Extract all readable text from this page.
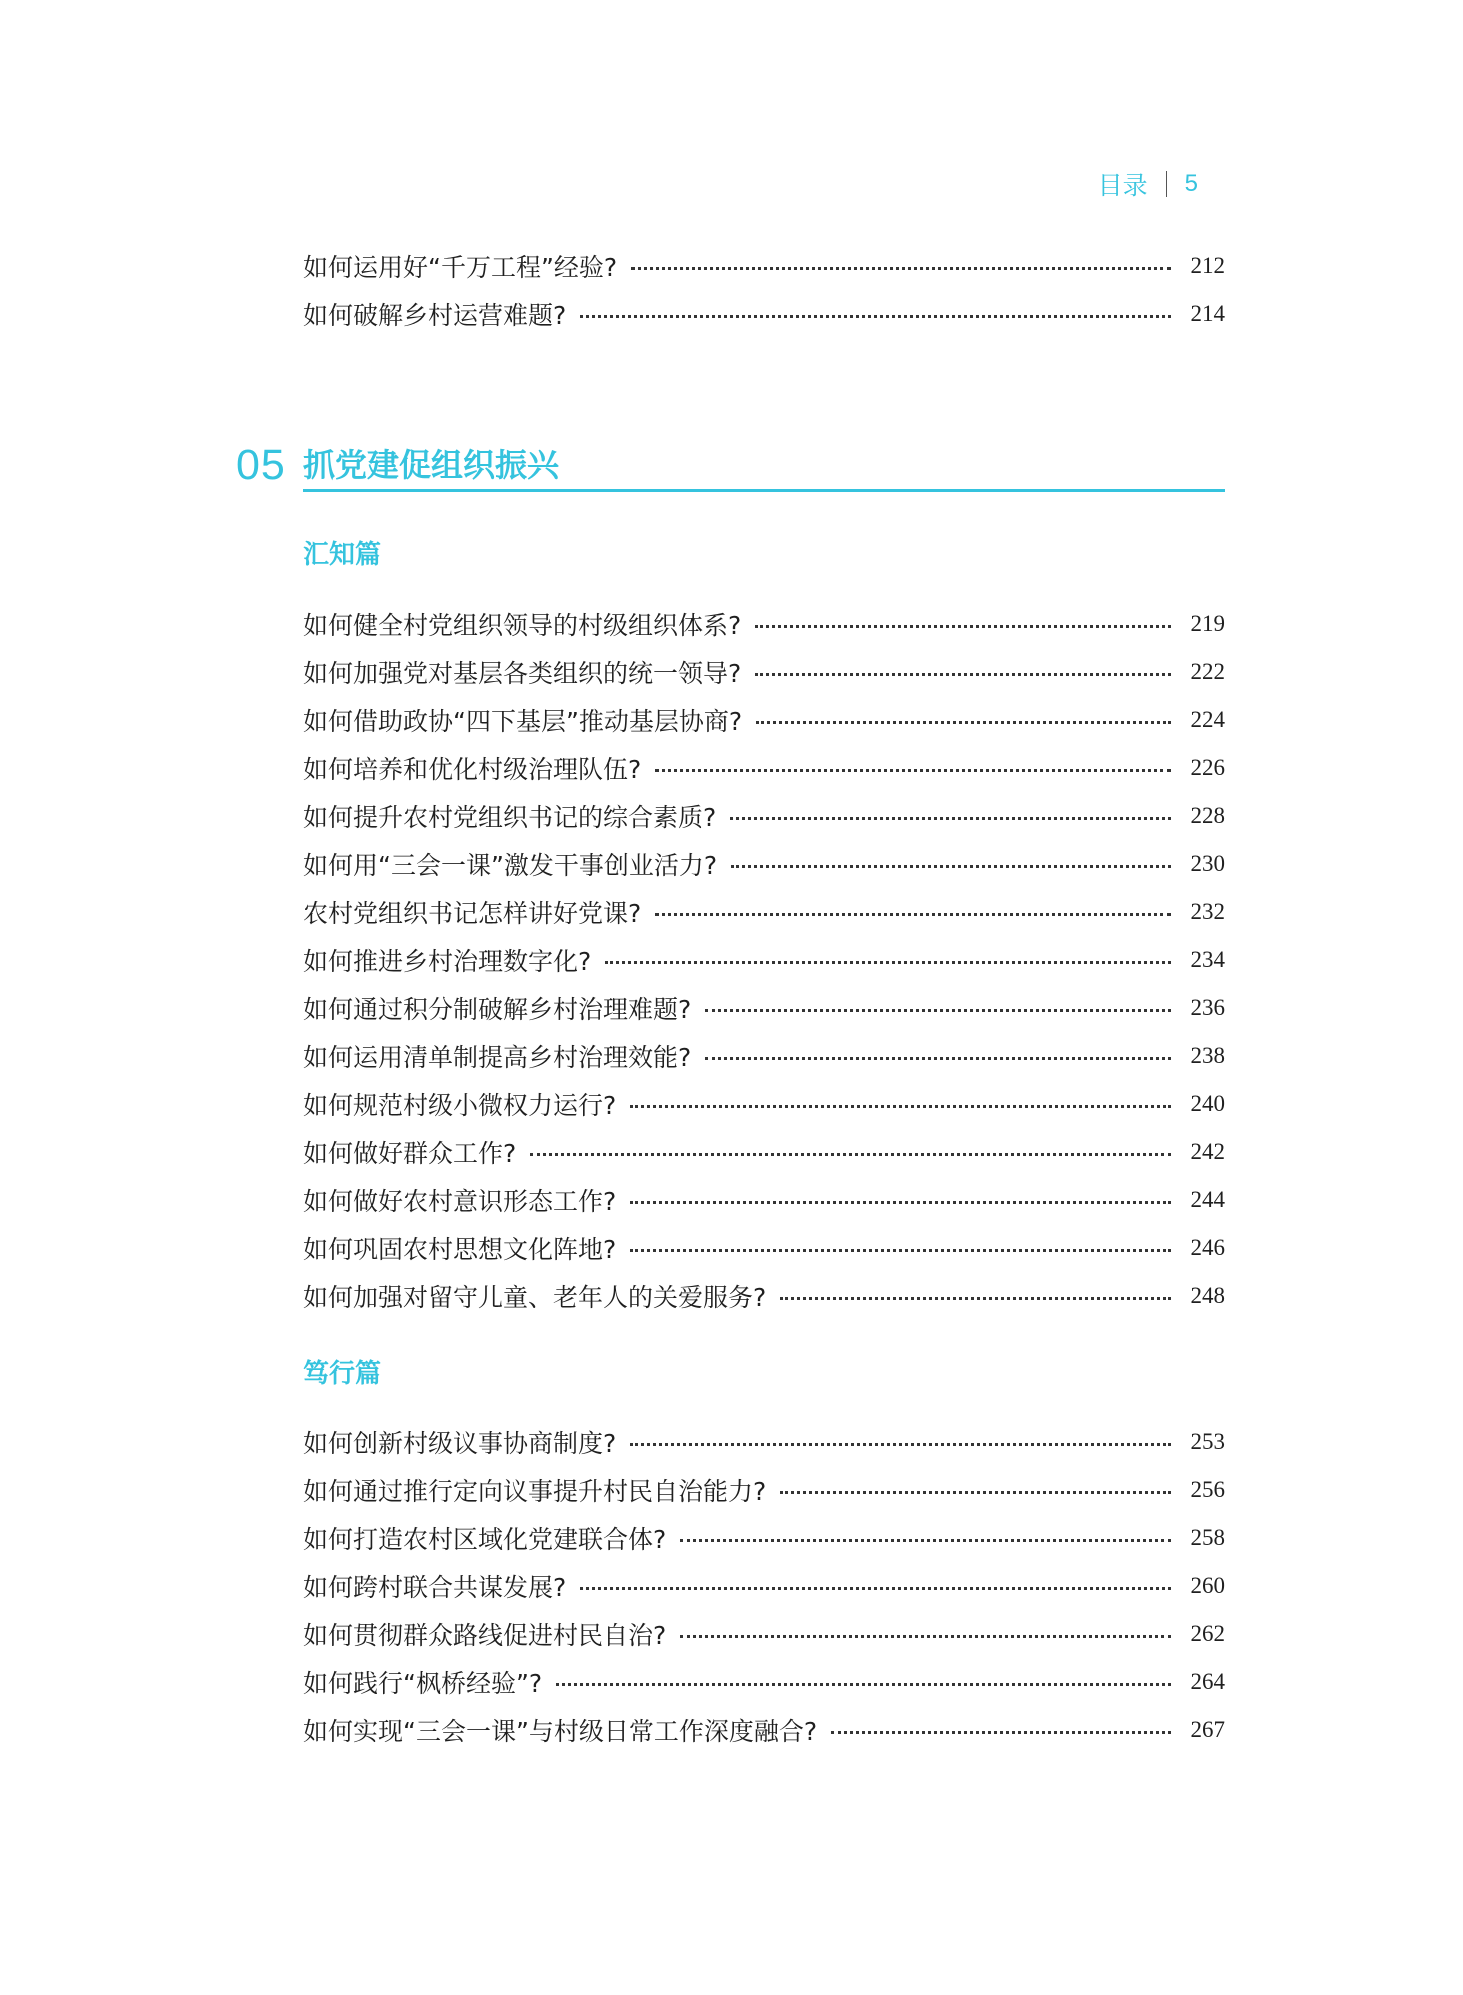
目录 5
如何运用好“千万工程”经验?	212
如何破解乡村运营难题?	214
05 抓党建促组织振兴
汇知篇
如何健全村党组织领导的村级组织体系?	219
如何加强党对基层各类组织的统一领导?	222
如何借助政协“四下基层”推动基层协商?	224
如何培养和优化村级治理队伍?	226
如何提升农村党组织书记的综合素质?	228
如何用“三会一课”激发干事创业活力?	230
农村党组织书记怎样讲好党课?	232
如何推进乡村治理数字化?	234
如何通过积分制破解乡村治理难题?	236
如何运用清单制提高乡村治理效能?	238
如何规范村级小微权力运行?	240
如何做好群众工作?	242
如何做好农村意识形态工作?	244
如何巩固农村思想文化阵地?	246
如何加强对留守儿童、老年人的关爱服务?	248
笃行篇
如何创新村级议事协商制度?	253
如何通过推行定向议事提升村民自治能力?	256
如何打造农村区域化党建联合体?	258
如何跨村联合共谋发展?	260
如何贯彻群众路线促进村民自治?	262
如何践行“枫桥经验”?	264
如何实现“三会一课”与村级日常工作深度融合?	267
